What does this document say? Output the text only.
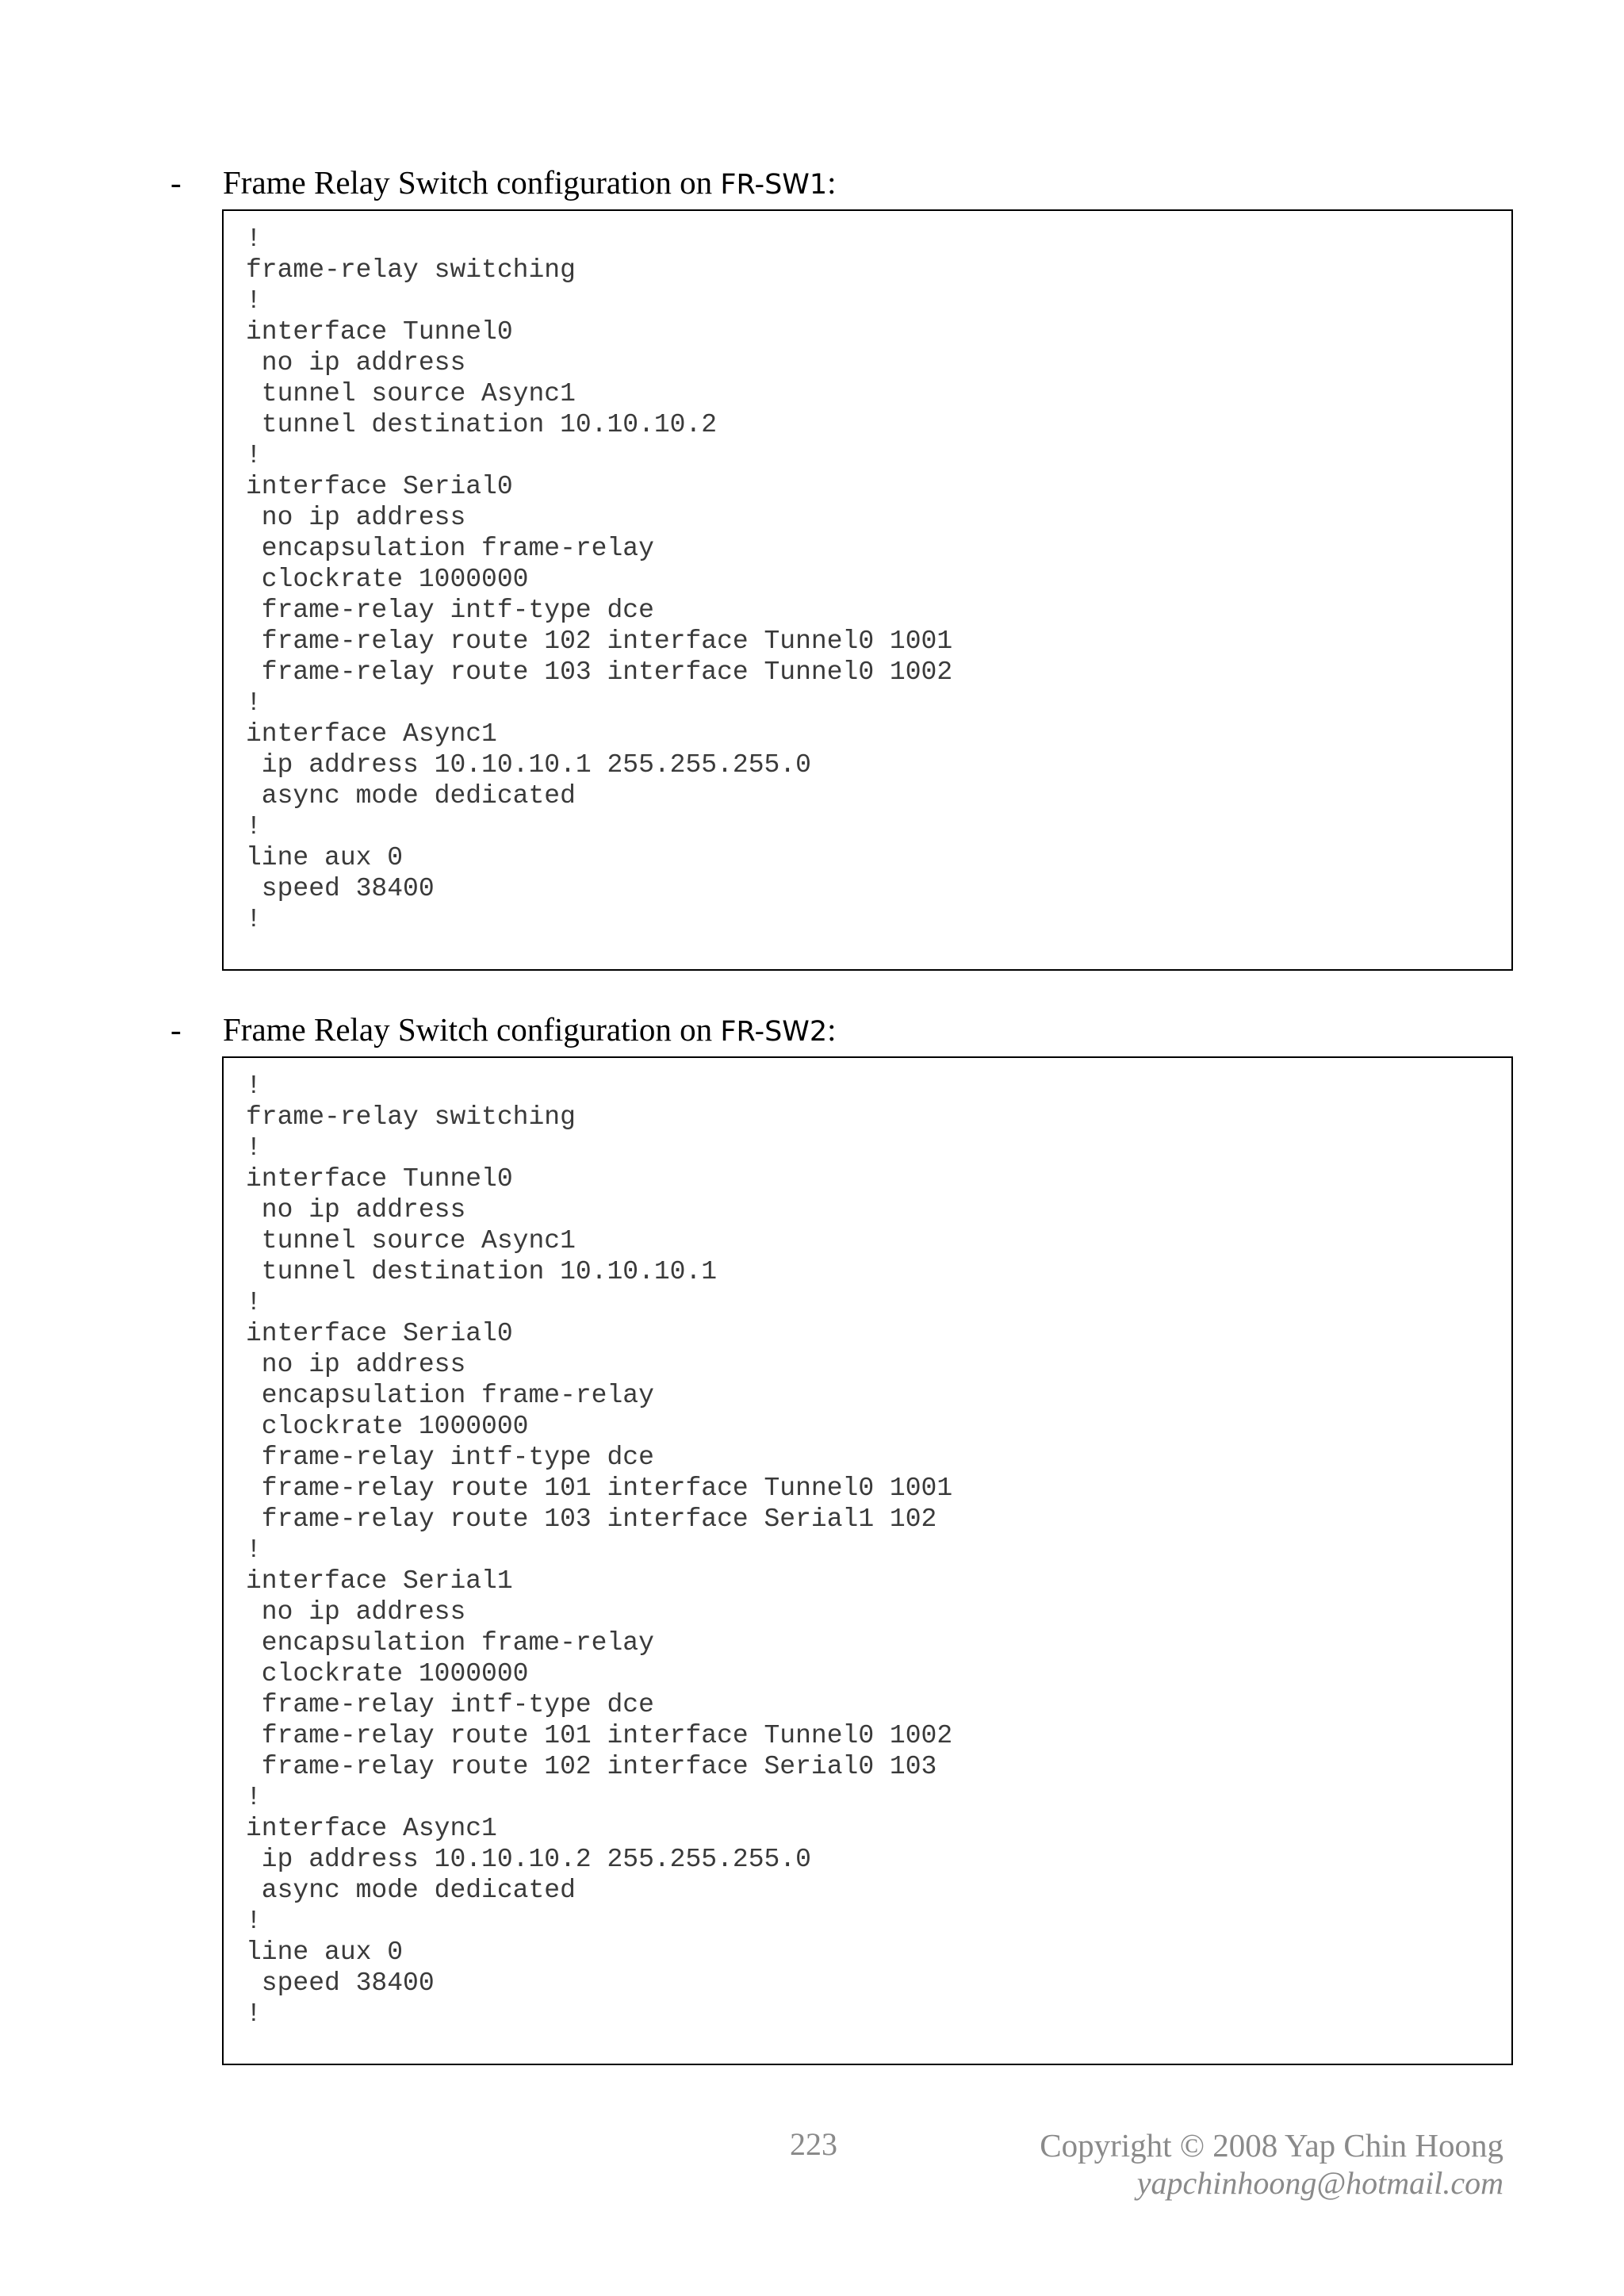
-	Frame Relay Switch configuration on FR-SW1:
!
frame-relay switching
!
interface Tunnel0
no ip address
tunnel source Async1
tunnel destination 10.10.10.2
!
interface Serial0
no ip address
encapsulation frame-relay
clockrate 1000000
frame-relay intf-type dce
frame-relay route 102 interface Tunnel0 1001
frame-relay route 103 interface Tunnel0 1002
!
interface Async1
ip address 10.10.10.1 255.255.255.0
async mode dedicated
!
line aux 0
speed 38400
!
-	Frame Relay Switch configuration on FR-SW2:
!
frame-relay switching
!
interface Tunnel0
no ip address
tunnel source Async1
tunnel destination 10.10.10.1
!
interface Serial0
no ip address
encapsulation frame-relay
clockrate 1000000
frame-relay intf-type dce
frame-relay route 101 interface Tunnel0 1001
frame-relay route 103 interface Serial1 102
!
interface Serial1
no ip address
encapsulation frame-relay
clockrate 1000000
frame-relay intf-type dce
frame-relay route 101 interface Tunnel0 1002
frame-relay route 102 interface Serial0 103
!
interface Async1
ip address 10.10.10.2 255.255.255.0
async mode dedicated
!
line aux 0
speed 38400
!
223	Copyright © 2008 Yap Chin Hoong
yapchinhoong@hotmail.com
